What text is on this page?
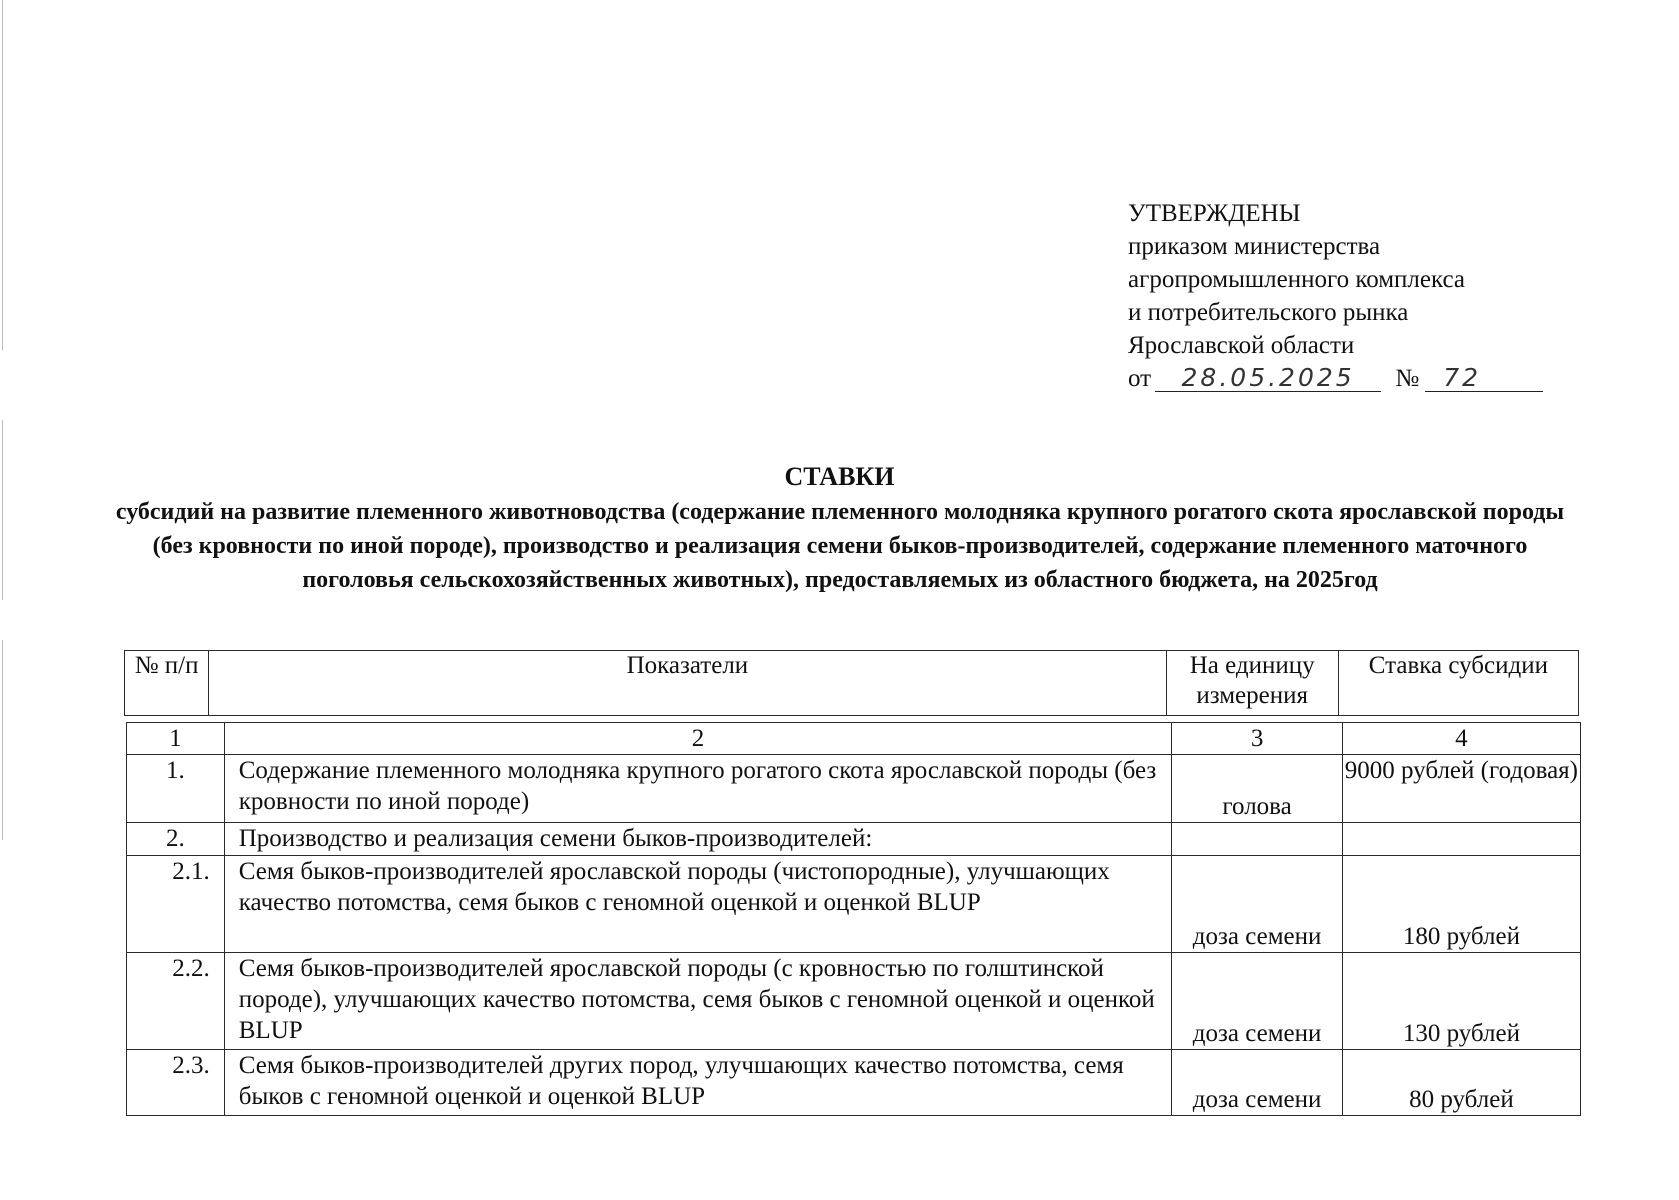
УТВЕРЖДЕНЫ
приказом министерства
агропромышленного комплекса
и потребительского рынка
Ярославской области
от 28.05.2025 № 72
СТАВКИ
субсидий на развитие племенного животноводства (содержание племенного молодняка крупного рогатого скота ярославской породы (без кровности по иной породе), производство и реализация семени быков-производителей, содержание племенного маточного поголовья сельскохозяйственных животных), предоставляемых из областного бюджета, на 2025год
№ п/п	Показатели	На единицу измерения	Ставка субсидии
1	2	3	4
1.	Содержание племенного молодняка крупного рогатого скота ярославской породы (без кровности по иной породе)	голова	9000 рублей (годовая)
2.	Производство и реализация семени быков-производителей:		
2.1.	Семя быков-производителей ярославской породы (чистопородные), улучшающих качество потомства, семя быков с геномной оценкой и оценкой BLUP	доза семени	180 рублей
2.2.	Семя быков-производителей ярославской породы (с кровностью по голштинской породе), улучшающих качество потомства, семя быков с геномной оценкой и оценкой BLUP	доза семени	130 рублей
2.3.	Семя быков-производителей других пород, улучшающих качество потомства, семя быков с геномной оценкой и оценкой BLUP	доза семени	80 рублей
